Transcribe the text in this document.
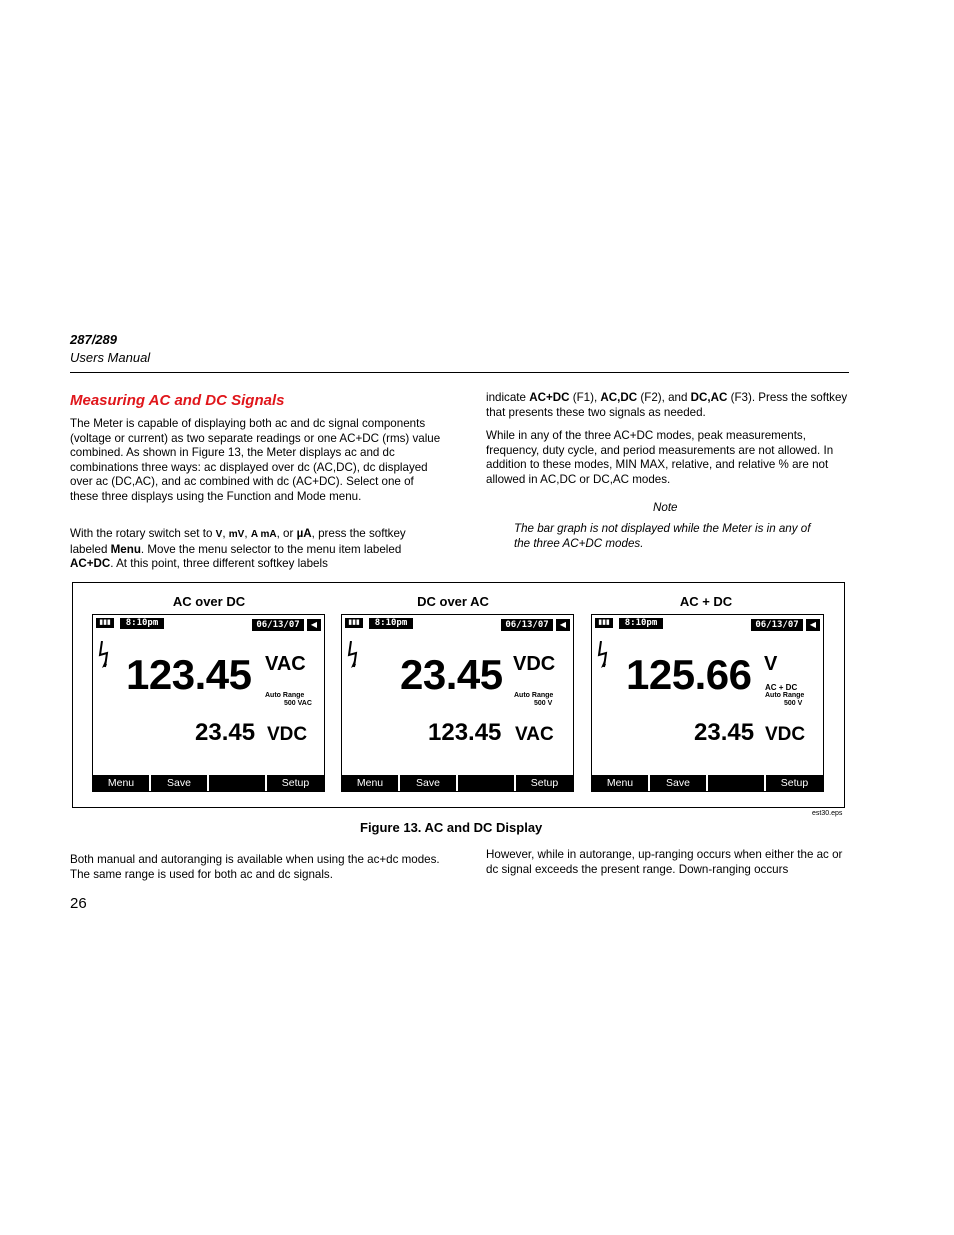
287/289
Users Manual
Measuring AC and DC Signals

The Meter is capable of displaying both ac and dc signal components (voltage or current) as two separate readings or one AC+DC (rms) value combined. As shown in Figure 13, the Meter displays ac and dc combinations three ways: ac displayed over dc (AC,DC), dc displayed over ac (DC,AC), and ac combined with dc (AC+DC). Select one of these three displays using the Function and Mode menu.

With the rotary switch set to V, mV, A mA, or µA, press the softkey labeled Menu. Move the menu selector to the menu item labeled AC+DC. At this point, three different softkey labels

indicate AC+DC (F1), AC,DC (F2), and DC,AC (F3). Press the softkey that presents these two signals as needed.

While in any of the three AC+DC modes, peak measurements, frequency, duty cycle, and period measurements are not allowed. In addition to these modes, MIN MAX, relative, and relative % are not allowed in AC,DC or DC,AC modes.

Note

The bar graph is not displayed while the Meter is in any of the three AC+DC modes.

AC over DC	DC over AC	AC + DC
▮▮▮	8:10pm	06/13/07	◀
123.45 VAC
Auto Range
500 VAC
23.45 VDC
Menu	Save	Setup
▮▮▮	8:10pm	06/13/07	◀
23.45 VDC
Auto Range
500 V
123.45 VAC
Menu	Save	Setup
▮▮▮	8:10pm	06/13/07	◀
125.66 V
AC + DC
Auto Range
500 V
23.45 VDC
Menu	Save	Setup
est30.eps
Figure 13. AC and DC Display

Both manual and autoranging is available when using the ac+dc modes. The same range is used for both ac and dc signals.

However, while in autorange, up-ranging occurs when either the ac or dc signal exceeds the present range. Down-ranging occurs

26
